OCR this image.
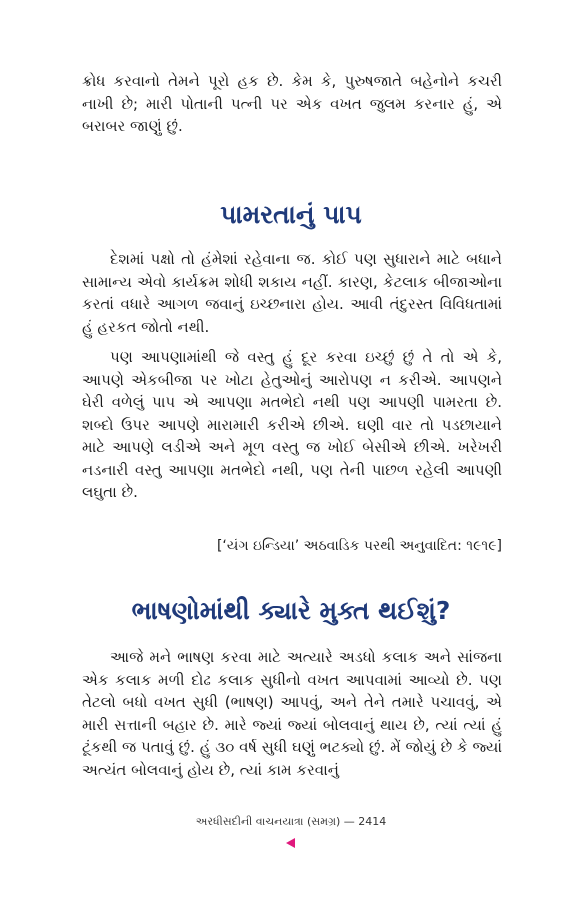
ક્રોધ કરવાનો તેમને પૂરો હક છે. કેમ કે, પુરુષજાતે બહેનોને કચરી નાખી છે; મારી પોતાની પત્ની પર એક વખત જુલમ કરનાર હું, એ બરાબર જાણું છું.

પામરતાનું પાપ

દેશમાં પક્ષો તો હંમેશાં રહેવાના જ. કોઈ પણ સુધારાને માટે બધાને સામાન્ય એવો કાર્યક્રમ શોધી શકાય નહીં. કારણ, કેટલાક બીજાઓના કરતાં વધારે આગળ જવાનું ઇચ્છનારા હોય. આવી તંદુરસ્ત વિવિધતામાં હું હરકત જોતો નથી.

પણ આપણામાંથી જે વસ્તુ હું દૂર કરવા ઇચ્છું છું તે તો એ કે, આપણે એકબીજા પર ખોટા હેતુઓનું આરોપણ ન કરીએ. આપણને ઘેરી વળેલું પાપ એ આપણા મતભેદો નથી પણ આપણી પામરતા છે. શબ્દો ઉપર આપણે મારામારી કરીએ છીએ. ઘણી વાર તો પડછાયાને માટે આપણે લડીએ અને મૂળ વસ્તુ જ ખોઈ બેસીએ છીએ. ખરેખરી નડનારી વસ્તુ આપણા મતભેદો નથી, પણ તેની પાછળ રહેલી આપણી લઘુતા છે.

[‘યંગ ઇન્ડિયા’ અઠવાડિક પરથી અનુવાદિત: ૧૯૧૯]
ભાષણોમાંથી ક્યારે મુક્ત થઈશું?

આજે મને ભાષણ કરવા માટે અત્યારે અડધો કલાક અને સાંજના એક કલાક મળી દોઢ કલાક સુધીનો વખત આપવામાં આવ્યો છે. પણ તેટલો બધો વખત સુધી (ભાષણ) આપવું, અને તેને તમારે પચાવવું, એ મારી સત્તાની બહાર છે. મારે જ્યાં જ્યાં બોલવાનું થાય છે, ત્યાં ત્યાં હું ટૂંકથી જ પતાવું છું. હું ૩૦ વર્ષ સુધી ઘણું ભટક્યો છું. મેં જોયું છે કે જ્યાં અત્યંત બોલવાનું હોય છે, ત્યાં કામ કરવાનું

અરધીસદીની વાચનયાત્રા (સમગ્ર) — 2414
